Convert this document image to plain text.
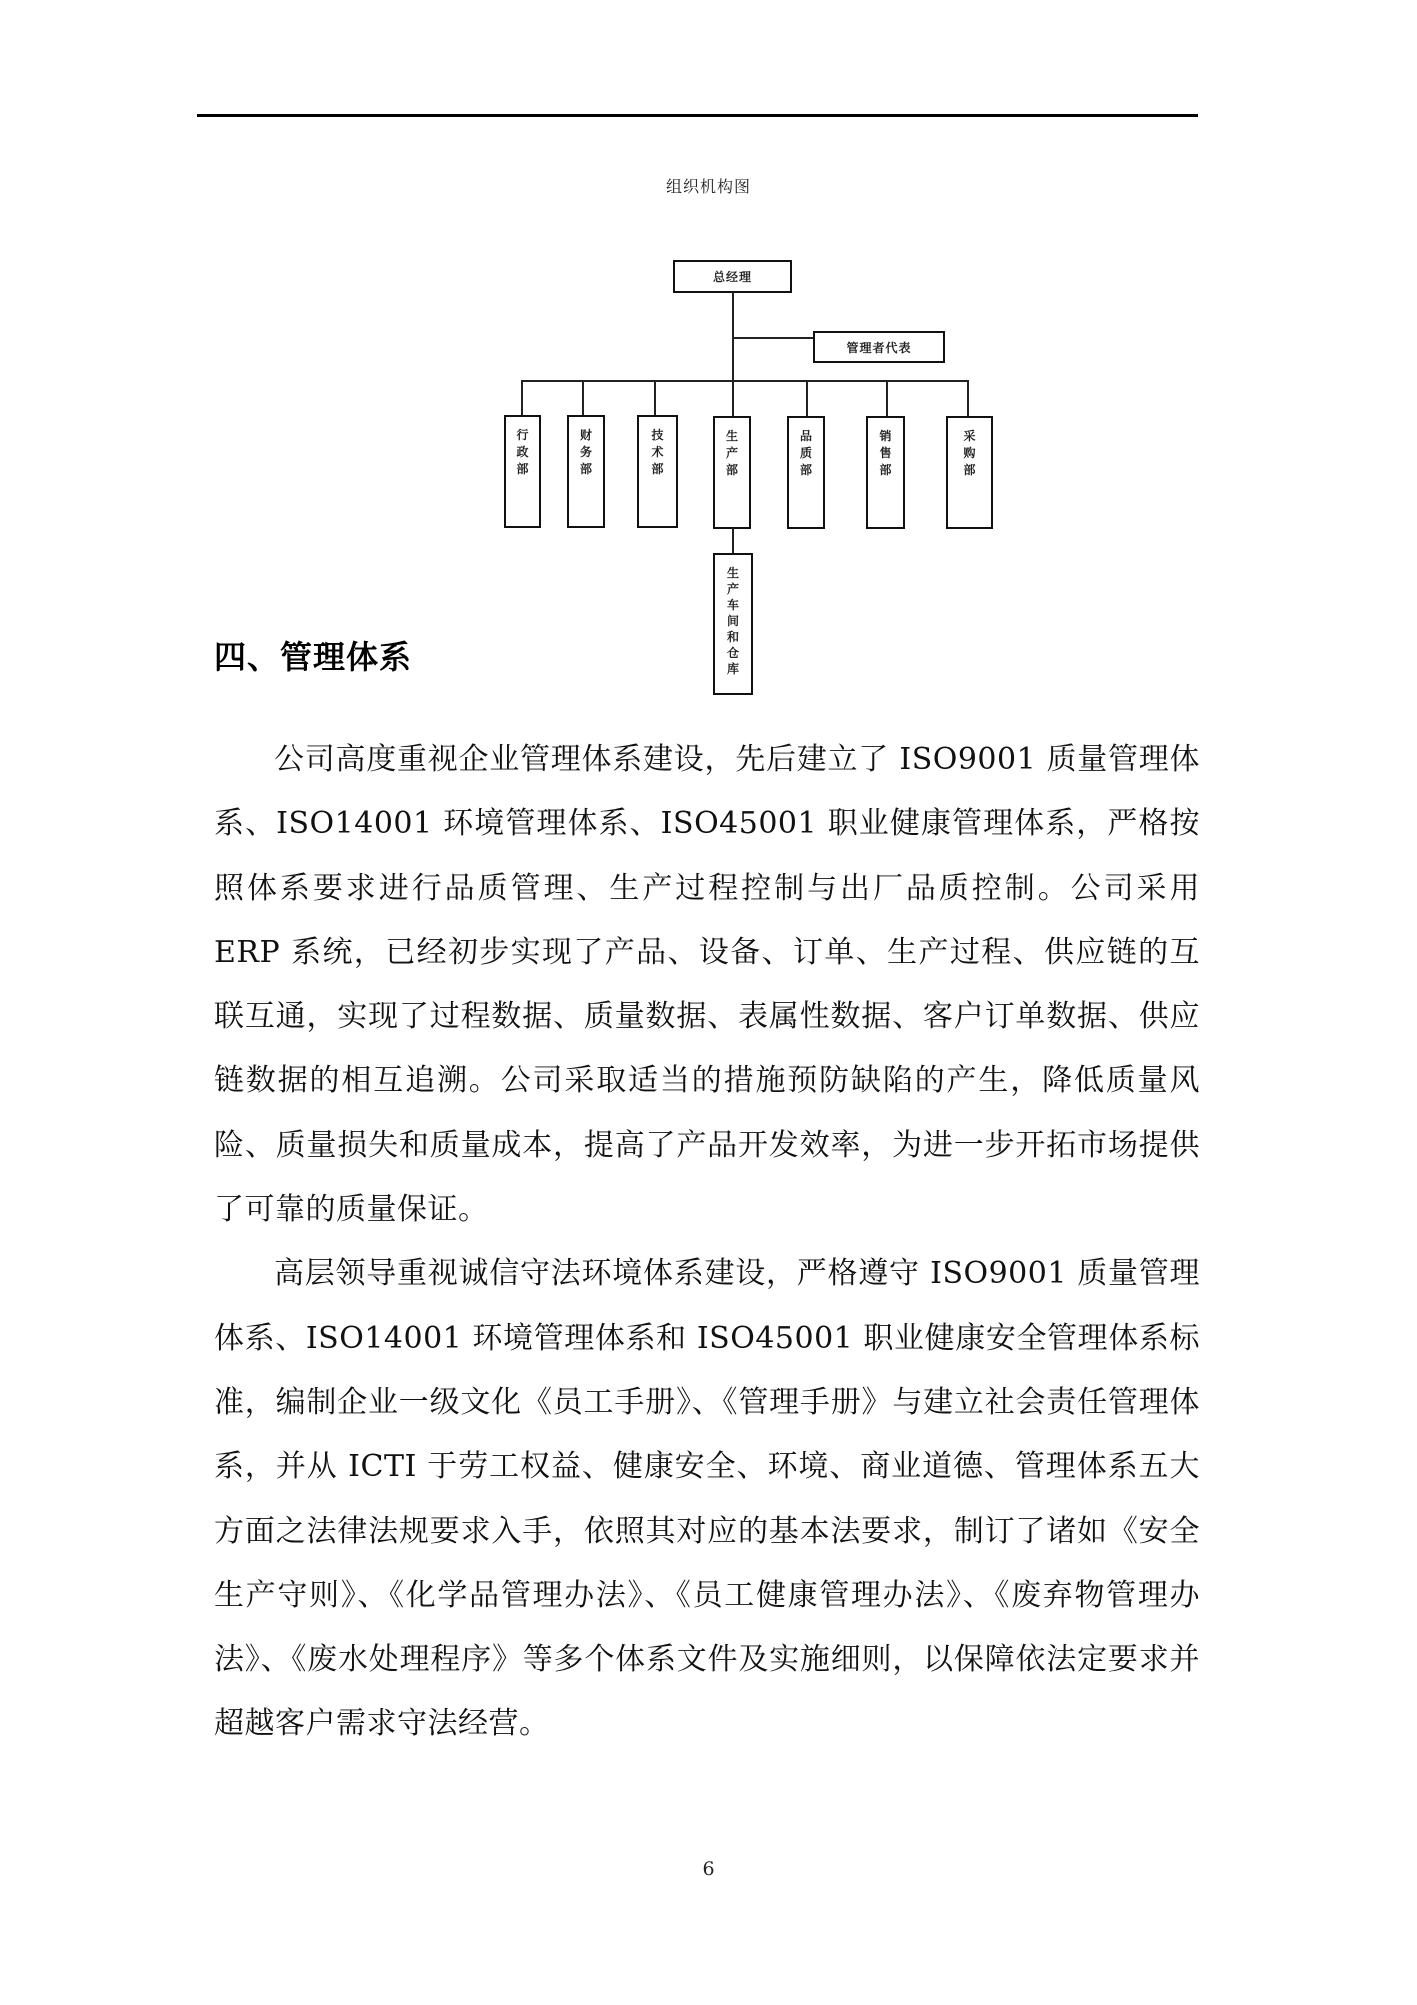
组织机构图
总经理
管理者代表
行
政
部
财
务
部
技
术
部
生
产
部
品
质
部
销
售
部
采
购
部
生
产
车
间
和
仓
库
四、管理体系

公司高度重视企业管理体系建设，先后建立了 ISO9001 质量管理体系、ISO14001 环境管理体系、ISO45001 职业健康管理体系，严格按照体系要求进行品质管理、生产过程控制与出厂品质控制。公司采用 ERP 系统，已经初步实现了产品、设备、订单、生产过程、供应链的互联互通，实现了过程数据、质量数据、表属性数据、客户订单数据、供应链数据的相互追溯。公司采取适当的措施预防缺陷的产生，降低质量风险、质量损失和质量成本，提高了产品开发效率，为进一步开拓市场提供了可靠的质量保证。

高层领导重视诚信守法环境体系建设，严格遵守 ISO9001 质量管理体系、ISO14001 环境管理体系和 ISO45001 职业健康安全管理体系标准，编制企业一级文化《员工手册》、《管理手册》与建立社会责任管理体系，并从 ICTI 于劳工权益、健康安全、环境、商业道德、管理体系五大方面之法律法规要求入手，依照其对应的基本法要求，制订了诸如《安全生产守则》、《化学品管理办法》、《员工健康管理办法》、《废弃物管理办法》、《废水处理程序》等多个体系文件及实施细则，以保障依法定要求并超越客户需求守法经营。

6
